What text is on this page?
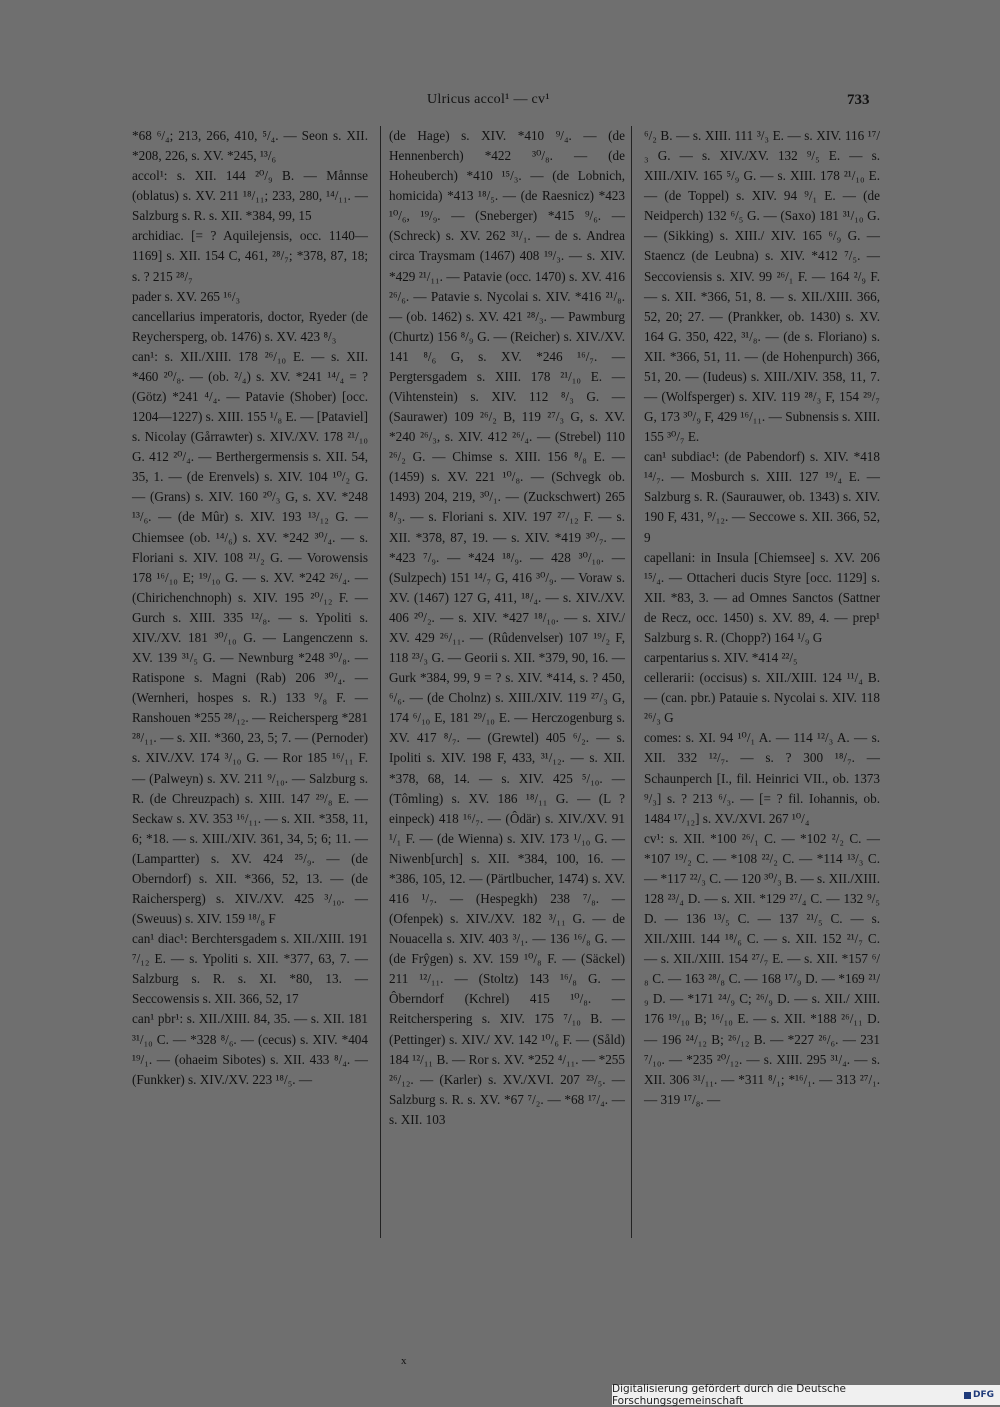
Ulricus accol¹ — cv¹	733

*68 ⁶/₄; 213, 266, 410, ⁵/₄. — Seon s. XII. *208, 226, s. XV. *245, ¹³/₆

accol¹: s. XII. 144 ²⁰/₉ B. — Månnse (oblatus) s. XV. 211 ¹⁸/₁₁; 233, 280, ¹⁴/₁₁. — Salzburg s. R. s. XII. *384, 99, 15

archidiac. [= ? Aquilejensis, occ. 1140—1169] s. XII. 154 C, 461, ²⁸/₇; *378, 87, 18; s. ? 215 ²⁸/₇

pader s. XV. 265 ¹⁶/₃

cancellarius imperatoris, doctor, Ryeder (de Reychersperg, ob. 1476) s. XV. 423 ⁸/₃

can¹: s. XII./XIII. 178 ²⁶/₁₀ E. — s. XII. *460 ²⁰/₈. — (ob. ²/₄) s. XV. *241 ¹⁴/₄ = ? (Götz) *241 ⁴/₄. — Patavie (Shober) [occ. 1204—1227) s. XIII. 155 ¹/₈ E. — [Pataviel] s. Nicolay (Gårrawter) s. XIV./XV. 178 ²¹/₁₀ G. 412 ²⁰/₄. — Berthergermensis s. XII. 54, 35, 1. — (de Erenvels) s. XIV. 104 ¹⁰/₂ G. — (Grans) s. XIV. 160 ²⁰/₃ G, s. XV. *248 ¹³/₆. — (de Mûr) s. XIV. 193 ¹³/₁₂ G. — Chiemsee (ob. ¹⁴/₆) s. XV. *242 ³⁰/₄. — s. Floriani s. XIV. 108 ²¹/₂ G. — Vorowensis 178 ¹⁶/₁₀ E; ¹⁹/₁₀ G. — s. XV. *242 ²⁶/₄. — (Chirichenchnoph) s. XIV. 195 ²⁰/₁₂ F. — Gurch s. XIII. 335 ¹²/₈. — s. Ypoliti s. XIV./XV. 181 ³⁰/₁₀ G. — Langenczenn s. XV. 139 ³¹/₅ G. — Newnburg *248 ³⁰/₈. — Ratispone s. Magni (Rab) 206 ³⁰/₄. — (Wernheri, hospes s. R.) 133 ⁹/₈ F. — Ranshouen *255 ²⁸/₁₂. — Reichersperg *281 ²⁸/₁₁. — s. XII. *360, 23, 5; 7. — (Pernoder) s. XIV./XV. 174 ³/₁₀ G. — Ror 185 ¹⁶/₁₁ F. — (Palweyn) s. XV. 211 ⁹/₁₀. — Salzburg s. R. (de Chreuzpach) s. XIII. 147 ²⁹/₈ E. — Seckaw s. XV. 353 ¹⁶/₁₁. — s. XII. *358, 11, 6; *18. — s. XIII./XIV. 361, 34, 5; 6; 11. — (Lampartter) s. XV. 424 ²⁵/₉. — (de Oberndorf) s. XII. *366, 52, 13. — (de Raichersperg) s. XIV./XV. 425 ³/₁₀. — (Sweuus) s. XIV. 159 ¹⁸/₈ F

can¹ diac¹: Berchtersgadem s. XII./XIII. 191 ⁷/₁₂ E. — s. Ypoliti s. XII. *377, 63, 7. — Salzburg s. R. s. XI. *80, 13. — Seccowensis s. XII. 366, 52, 17

can¹ pbr¹: s. XII./XIII. 84, 35. — s. XII. 181 ³¹/₁₀ C. — *328 ⁸/₆. — (cecus) s. XIV. *404 ¹⁹/₁. — (ohaeim Sibotes) s. XII. 433 ⁸/₄. — (Funkker) s. XIV./XV. 223 ¹⁸/₅. —

(de Hage) s. XIV. *410 ⁹/₄. — (de Hennenberch) *422 ³⁰/₈. — (de Hoheuberch) *410 ¹⁵/₃. — (de Lobnich, homicida) *413 ¹⁸/₅. — (de Raesnicz) *423 ¹⁰/₆, ¹⁹/₉. — (Sneberger) *415 ⁹/₆. — (Schreck) s. XV. 262 ³¹/₁. — de s. Andrea circa Traysmam (1467) 408 ¹⁹/₃. — s. XIV. *429 ²¹/₁₁. — Patavie (occ. 1470) s. XV. 416 ²⁶/₆. — Patavie s. Nycolai s. XIV. *416 ²¹/₈. — (ob. 1462) s. XV. 421 ²⁸/₃. — Pawmburg (Churtz) 156 ⁸/₉ G. — (Reicher) s. XIV./XV. 141 ⁸/₆ G, s. XV. *246 ¹⁶/₇. — Pergtersgadem s. XIII. 178 ²¹/₁₀ E. — (Vihtenstein) s. XIV. 112 ⁸/₃ G. — (Saurawer) 109 ²⁶/₂ B, 119 ²⁷/₃ G, s. XV. *240 ²⁶/₃, s. XIV. 412 ²⁶/₄. — (Strebel) 110 ²⁶/₂ G. — Chimse s. XIII. 156 ⁸/₈ E. — (1459) s. XV. 221 ¹⁰/₈. — (Schvegk ob. 1493) 204, 219, ³⁰/₁. — (Zuckschwert) 265 ⁸/₃. — s. Floriani s. XIV. 197 ²⁷/₁₂ F. — s. XII. *378, 87, 19. — s. XIV. *419 ³⁰/₇. — *423 ⁷/₉. — *424 ¹⁸/₉. — 428 ³⁰/₁₀. — (Sulzpech) 151 ¹⁴/₇ G, 416 ³⁰/₉. — Voraw s. XV. (1467) 127 G, 411, ¹⁸/₄. — s. XIV./XV. 406 ²⁰/₂. — s. XIV. *427 ¹⁸/₁₀. — s. XIV./ XV. 429 ²⁶/₁₁. — (Rûdenvelser) 107 ¹⁹/₂ F, 118 ²³/₃ G. — Georii s. XII. *379, 90, 16. — Gurk *384, 99, 9 = ? s. XIV. *414, s. ? 450, ⁶/₆. — (de Cholnz) s. XIII./XIV. 119 ²⁷/₃ G, 174 ⁶/₁₀ E, 181 ²⁹/₁₀ E. — Herczogenburg s. XV. 417 ⁸/₇. — (Grewtel) 405 ⁶/₂. — s. Ipoliti s. XIV. 198 F, 433, ³¹/₁₂. — s. XII. *378, 68, 14. — s. XIV. 425 ⁵/₁₀. — (Tômling) s. XV. 186 ¹⁸/₁₁ G. — (L ? einpeck) 418 ¹⁶/₇. — (Ôdär) s. XIV./XV. 91 ¹/₁ F. — (de Wienna) s. XIV. 173 ¹/₁₀ G. — Niwenb[urch] s. XII. *384, 100, 16. — *386, 105, 12. — (Pärtlbucher, 1474) s. XV. 416 ¹/₇. — (Hespegkh) 238 ⁷/₈. — (Ofenpek) s. XIV./XV. 182 ³/₁₁ G. — de Nouacella s. XIV. 403 ³/₁. — 136 ¹⁶/₈ G. — (de Frŷgen) s. XV. 159 ¹⁰/₈ F. — (Säckel) 211 ¹²/₁₁. — (Stoltz) 143 ¹⁶/₈ G. — Ôberndorf (Kchrel) 415 ¹⁰/₈. — Reitcherspering s. XIV. 175 ⁷/₁₀ B. — (Pettinger) s. XIV./ XV. 142 ¹⁰/₆ F. — (Såld) 184 ¹²/₁₁ B. — Ror s. XV. *252 ⁴/₁₁. — *255 ²⁶/₁₂. — (Karler) s. XV./XVI. 207 ²³/₅. — Salzburg s. R. s. XV. *67 ⁷/₂. — *68 ¹⁷/₄. — s. XII. 103

⁶/₂ B. — s. XIII. 111 ³/₃ E. — s. XIV. 116 ¹⁷/₃ G. — s. XIV./XV. 132 ⁹/₅ E. — s. XIII./XIV. 165 ⁵/₉ G. — s. XIII. 178 ²¹/₁₀ E. — (de Toppel) s. XIV. 94 ⁹/₁ E. — (de Neidperch) 132 ⁶/₅ G. — (Saxo) 181 ³¹/₁₀ G. — (Sikking) s. XIII./ XIV. 165 ⁶/₉ G. — Staencz (de Leubna) s. XIV. *412 ⁷/₅. — Seccoviensis s. XIV. 99 ²⁶/₁ F. — 164 ²/₉ F. — s. XII. *366, 51, 8. — s. XII./XIII. 366, 52, 20; 27. — (Prankker, ob. 1430) s. XV. 164 G. 350, 422, ³¹/₈. — (de s. Floriano) s. XII. *366, 51, 11. — (de Hohenpurch) 366, 51, 20. — (Iudeus) s. XIII./XIV. 358, 11, 7. — (Wolfsperger) s. XIV. 119 ²⁸/₃ F, 154 ²⁹/₇ G, 173 ³⁰/₉ F, 429 ¹⁶/₁₁. — Subnensis s. XIII. 155 ³⁰/₇ E.

can¹ subdiac¹: (de Pabendorf) s. XIV. *418 ¹⁴/₇. — Mosburch s. XIII. 127 ¹⁹/₄ E. — Salzburg s. R. (Saurauwer, ob. 1343) s. XIV. 190 F, 431, ⁹/₁₂. — Seccowe s. XII. 366, 52, 9

capellani: in Insula [Chiemsee] s. XV. 206 ¹⁵/₄. — Ottacheri ducis Styre [occ. 1129] s. XII. *83, 3. — ad Omnes Sanctos (Sattner de Recz, occ. 1450) s. XV. 89, 4. — prep¹ Salzburg s. R. (Chopp?) 164 ¹/₉ G

carpentarius s. XIV. *414 ²²/₅

cellerarii: (occisus) s. XII./XIII. 124 ¹¹/₄ B. — (can. pbr.) Patauie s. Nycolai s. XIV. 118 ²⁶/₃ G

comes: s. XI. 94 ¹⁰/₁ A. — 114 ¹²/₃ A. — s. XII. 332 ¹²/₇. — s. ? 300 ¹⁸/₇. — Schaunperch [I., fil. Heinrici VII., ob. 1373 ⁹/₃] s. ? 213 ⁶/₃. — [= ? fil. Iohannis, ob. 1484 ¹⁷/₁₂] s. XV./XVI. 267 ¹⁰/₄

cv¹: s. XII. *100 ²⁶/₁ C. — *102 ²/₂ C. — *107 ¹⁹/₂ C. — *108 ²²/₂ C. — *114 ¹³/₃ C. — *117 ²²/₃ C. — 120 ³⁰/₃ B. — s. XII./XIII. 128 ²³/₄ D. — s. XII. *129 ²⁷/₄ C. — 132 ⁹/₅ D. — 136 ¹³/₅ C. — 137 ²¹/₅ C. — s. XII./XIII. 144 ¹⁸/₆ C. — s. XII. 152 ²¹/₇ C. — s. XII./XIII. 154 ²⁷/₇ E. — s. XII. *157 ⁶/₈ C. — 163 ²⁸/₈ C. — 168 ¹⁷/₉ D. — *169 ²¹/₉ D. — *171 ²⁴/₉ C; ²⁶/₉ D. — s. XII./ XIII. 176 ¹⁹/₁₀ B; ¹⁶/₁₀ E. — s. XII. *188 ²⁶/₁₁ D. — 196 ²⁴/₁₂ B; ²⁶/₁₂ B. — *227 ²⁶/₆. — 231 ⁷/₁₀. — *235 ²⁰/₁₂. — s. XIII. 295 ³¹/₄. — s. XII. 306 ³¹/₁₁. — *311 ⁸/₁; *¹⁶/₁. — 313 ²⁷/₁. — 319 ¹⁷/₈. —

x
Digitalisierung gefördert durch die Deutsche Forschungsgemeinschaft	DFG
